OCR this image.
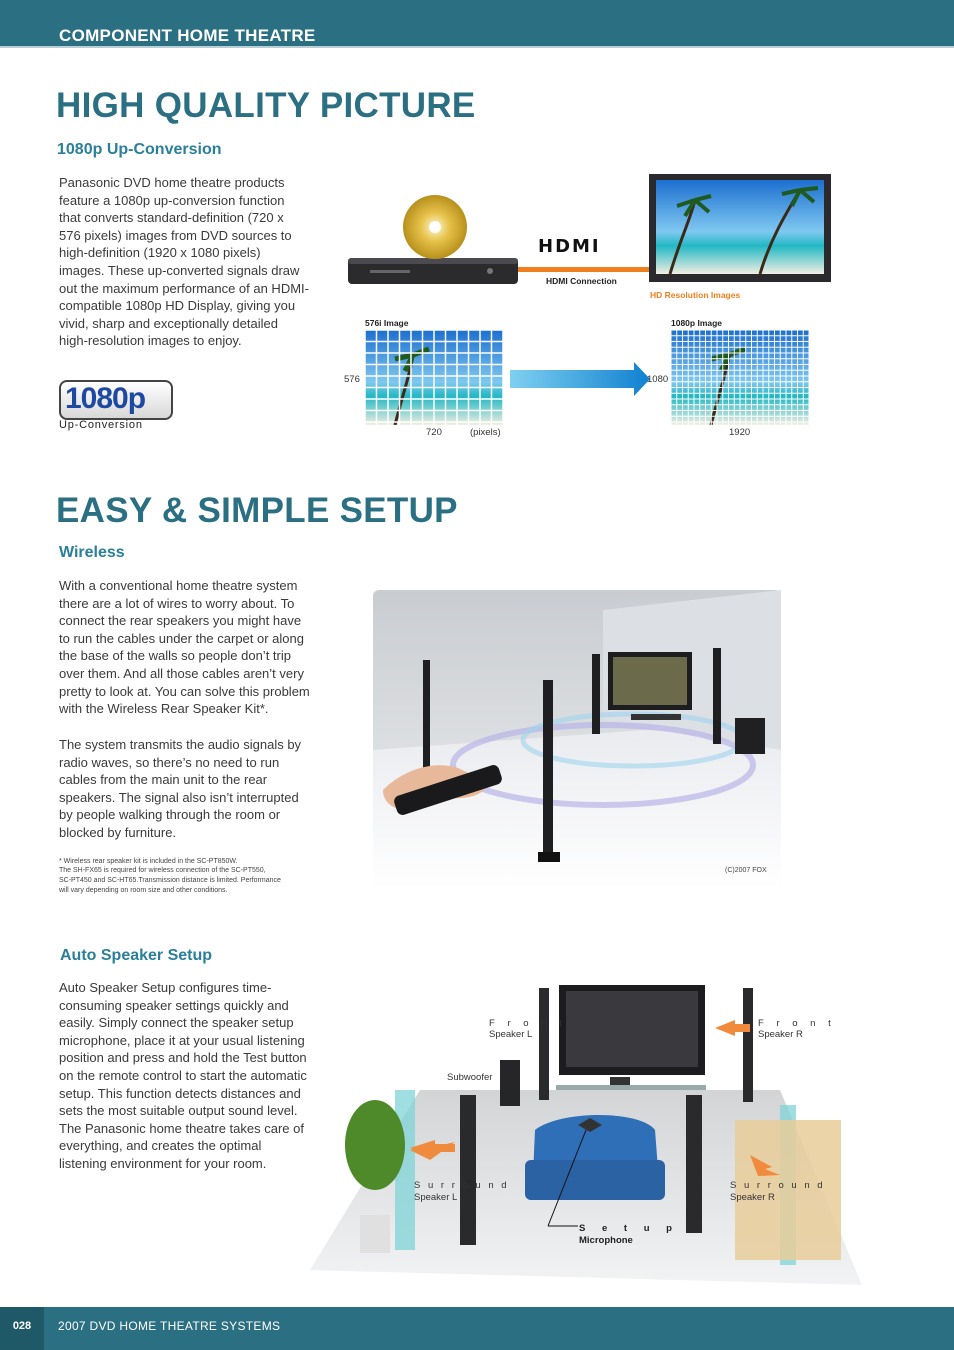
COMPONENT HOME THEATRE
HIGH QUALITY PICTURE
1080p Up-Conversion
Panasonic DVD home theatre products feature a 1080p up-conversion function that converts standard-definition (720 x 576 pixels) images from DVD sources to high-definition (1920 x 1080 pixels) images. These up-converted signals draw out the maximum performance of an HDMI-compatible 1080p HD Display, giving you vivid, sharp and exceptionally detailed high-resolution images to enjoy.
1080p
Up-Conversion
HDMI
HDMI Connection
HD Resolution Images
576i Image
576
720	(pixels)
1080p Image
1080
1920
EASY & SIMPLE SETUP
Wireless
With a conventional home theatre system there are a lot of wires to worry about. To connect the rear speakers you might have to run the cables under the carpet or along the base of the walls so people don’t trip over them. And all those cables aren’t very pretty to look at. You can solve this problem with the Wireless Rear Speaker Kit*.
The system transmits the audio signals by radio waves, so there’s no need to run cables from the main unit to the rear speakers. The signal also isn’t interrupted by people walking through the room or blocked by furniture.
* Wireless rear speaker kit is included in the SC-PT850W.
The SH-FX65 is required for wireless connection of the SC-PT550,
SC-PT450 and SC-HT65.Transmission distance is limited. Performance
will vary depending on room size and other conditions.
(C)2007 FOX
Auto Speaker Setup
Auto Speaker Setup configures time-consuming speaker settings quickly and easily. Simply connect the speaker setup microphone, place it at your usual listening position and press and hold the Test button on the remote control to start the automatic setup. This function detects distances and sets the most suitable output sound level. The Panasonic home theatre takes care of everything, and creates the optimal listening environment for your room.
F r o n t
Speaker L
F r o n t
Speaker R
Subwoofer
S u r r o u n d
Speaker L
S u r r o u n d
Speaker R
S e t u p
Microphone
028	2007 DVD HOME THEATRE SYSTEMS
